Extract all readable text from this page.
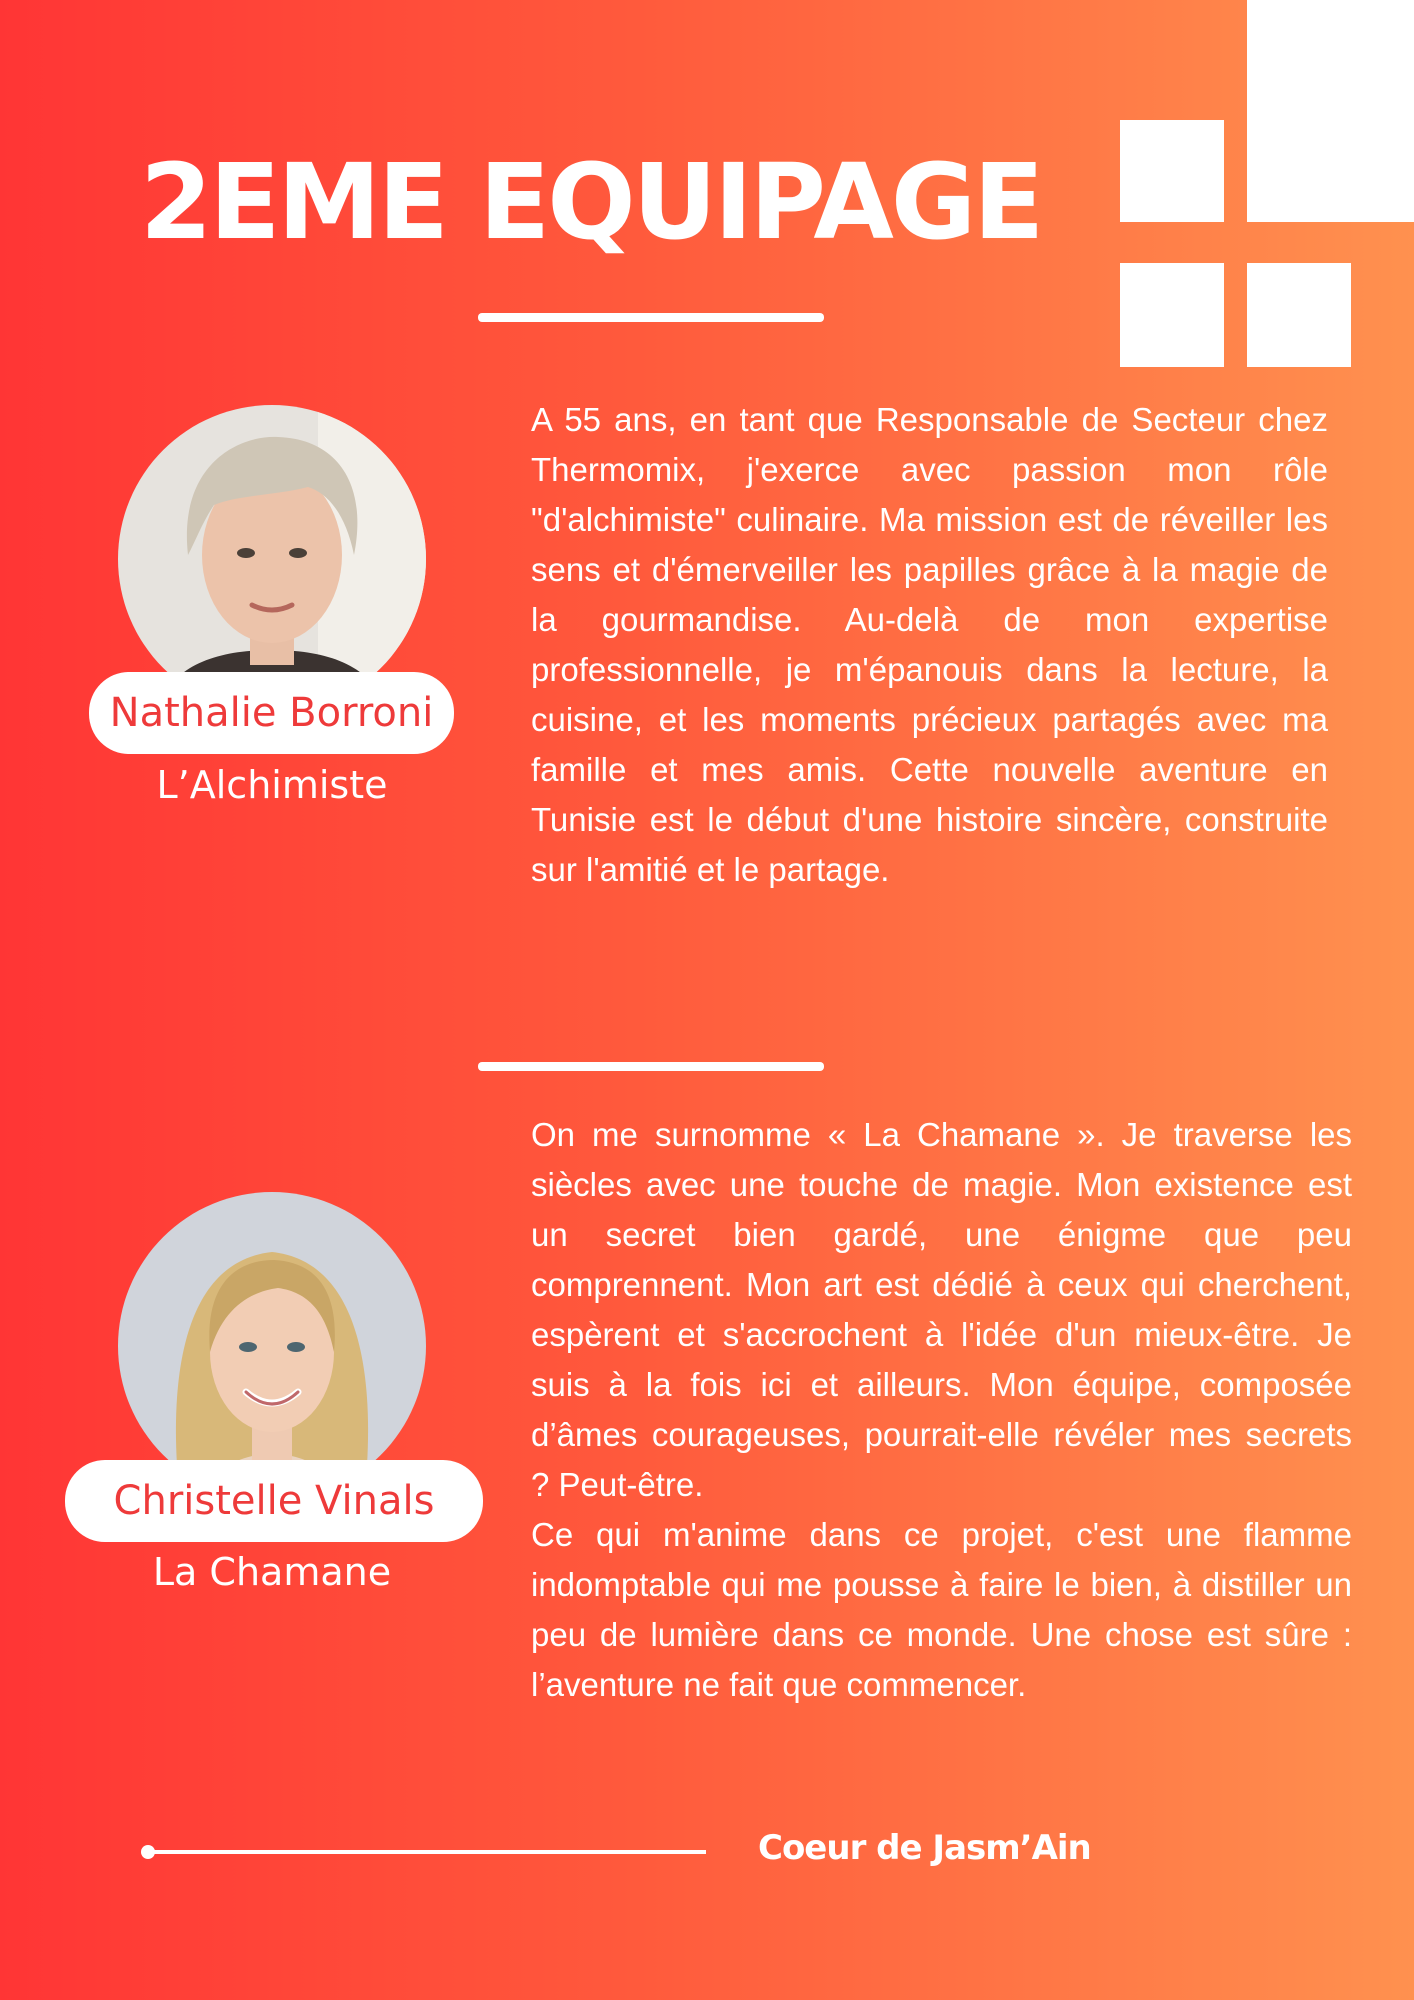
2EME EQUIPAGE
Nathalie Borroni
L’Alchimiste

A 55 ans, en tant que Responsable de Secteur chez Thermomix, j'exerce avec passion mon rôle "d'alchimiste" culinaire. Ma mission est de réveiller les sens et d'émerveiller les papilles grâce à la magie de la gourmandise. Au-delà de mon expertise professionnelle, je m'épanouis dans la lecture, la cuisine, et les moments précieux partagés avec ma famille et mes amis. Cette nouvelle aventure en Tunisie est le début d'une histoire sincère, construite sur l'amitié et le partage.

Christelle Vinals
La Chamane
On me surnomme « La Chamane ». Je traverse les siècles avec une touche de magie. Mon existence est un secret bien gardé, une énigme que peu comprennent. Mon art est dédié à ceux qui cherchent, espèrent et s'accrochent à l'idée d'un mieux-être. Je suis à la fois ici et ailleurs. Mon équipe, composée d’âmes courageuses, pourrait-elle révéler mes secrets ? Peut-être.
Ce qui m'anime dans ce projet, c'est une flamme indomptable qui me pousse à faire le bien, à distiller un peu de lumière dans ce monde. Une chose est sûre : l’aventure ne fait que commencer.
Coeur de Jasm’Ain
